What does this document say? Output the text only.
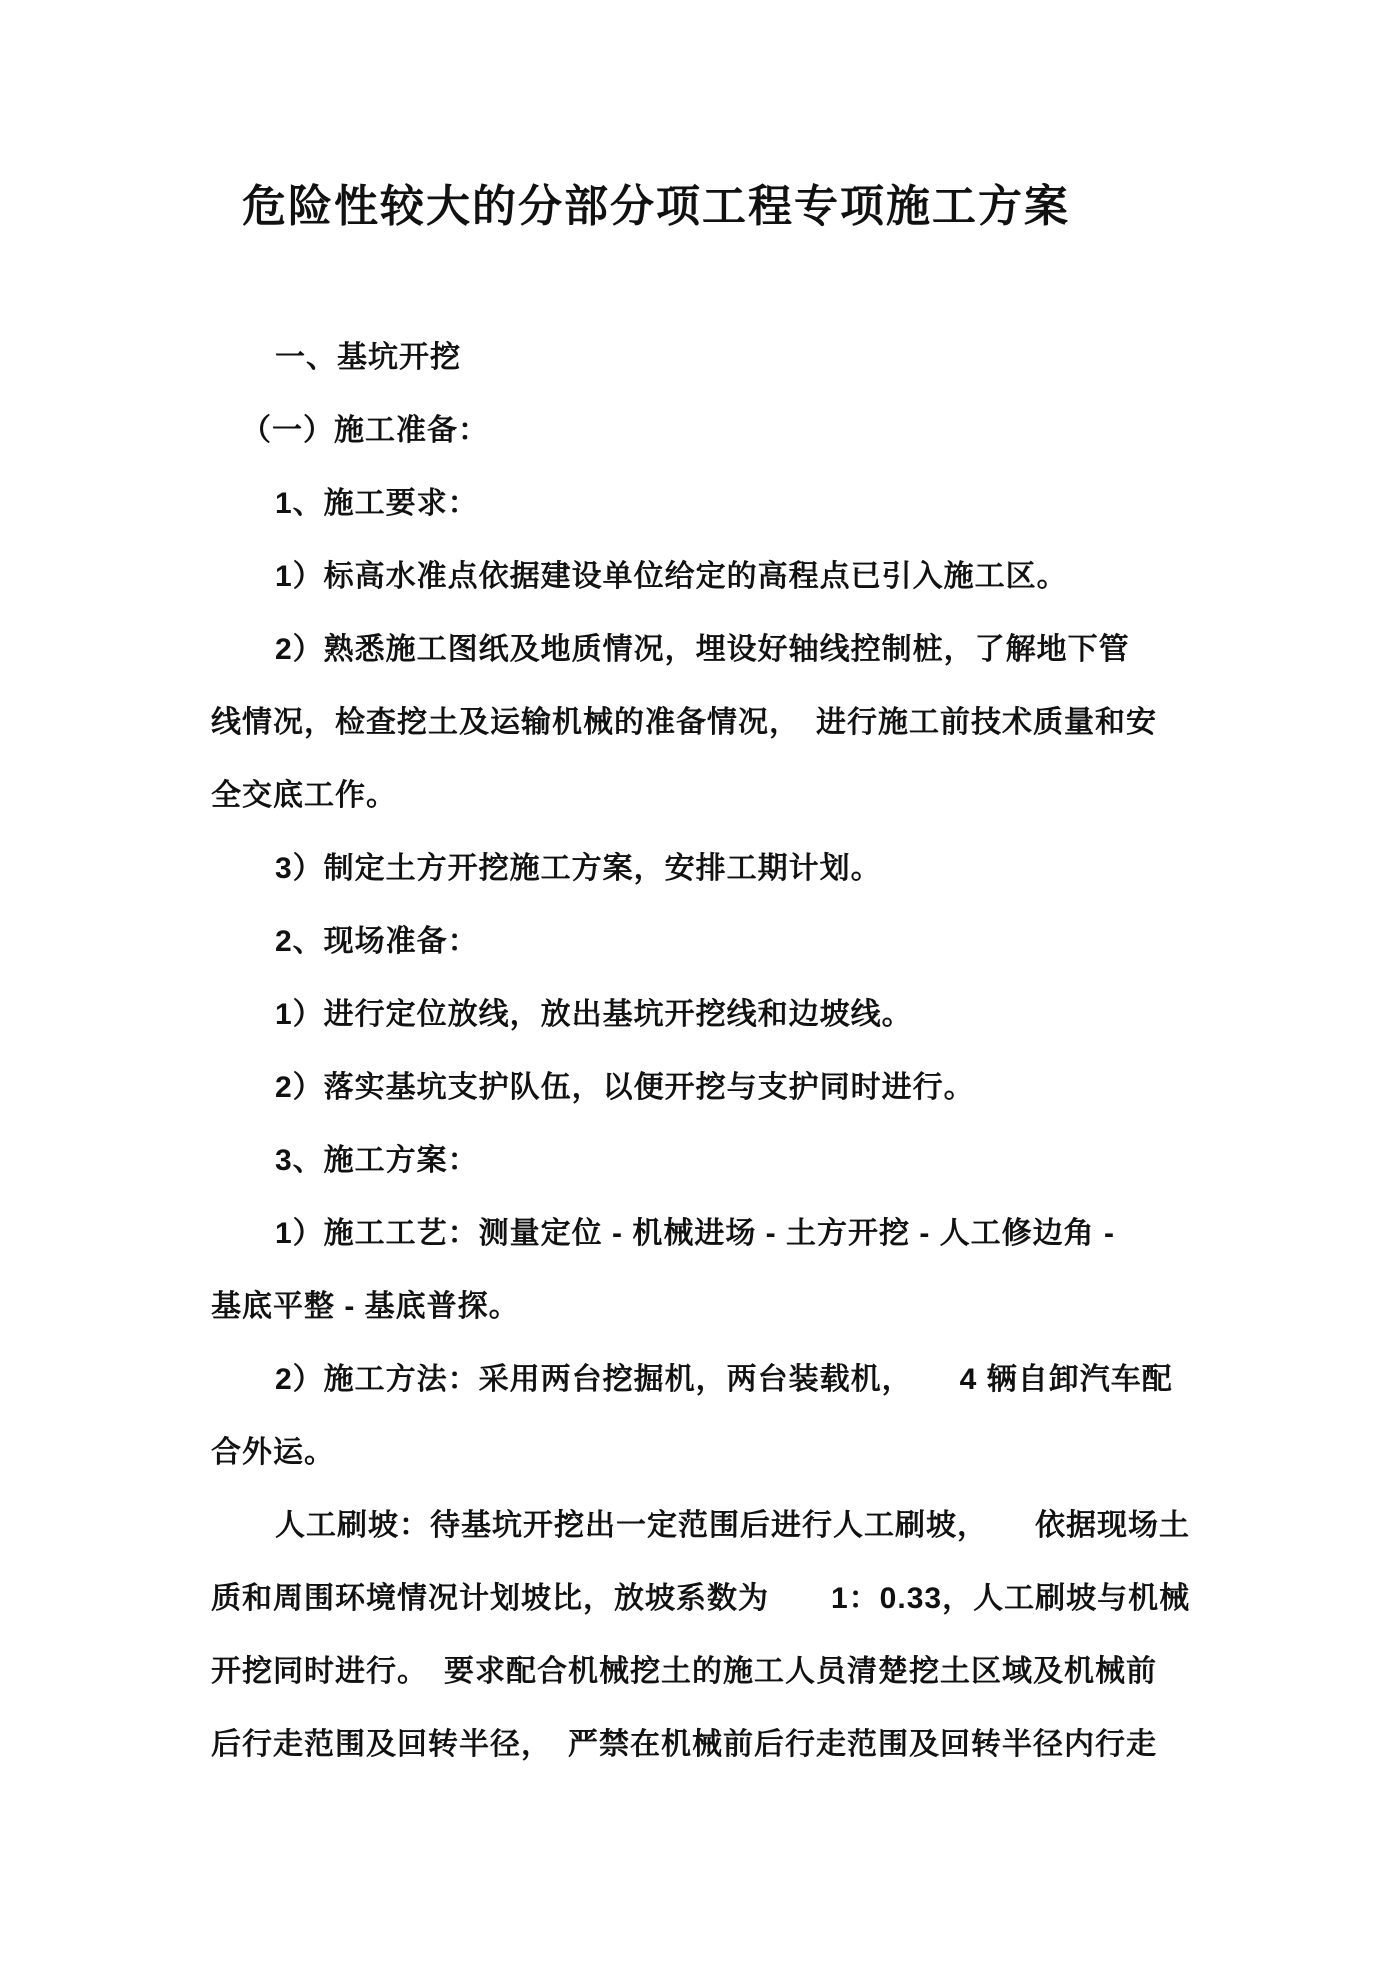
危险性较大的分部分项工程专项施工方案
一、基坑开挖
（一）施工准备：
1、施工要求：
1）标高水准点依据建设单位给定的高程点已引入施工区。
2）熟悉施工图纸及地质情况，埋设好轴线控制桩，了解地下管
线情况，检查挖土及运输机械的准备情况，　进行施工前技术质量和安
全交底工作。
3）制定土方开挖施工方案，安排工期计划。
2、现场准备：
1）进行定位放线，放出基坑开挖线和边坡线。
2）落实基坑支护队伍，以便开挖与支护同时进行。
3、施工方案：
1）施工工艺：测量定位 - 机械进场 - 土方开挖 - 人工修边角 -
基底平整 - 基底普探。
2）施工方法：采用两台挖掘机，两台装载机，　　4 辆自卸汽车配
合外运。
人工刷坡：待基坑开挖出一定范围后进行人工刷坡，　　依据现场土
质和周围环境情况计划坡比，放坡系数为　　1：0.33，人工刷坡与机械
开挖同时进行。　要求配合机械挖土的施工人员清楚挖土区域及机械前
后行走范围及回转半径，　严禁在机械前后行走范围及回转半径内行走
